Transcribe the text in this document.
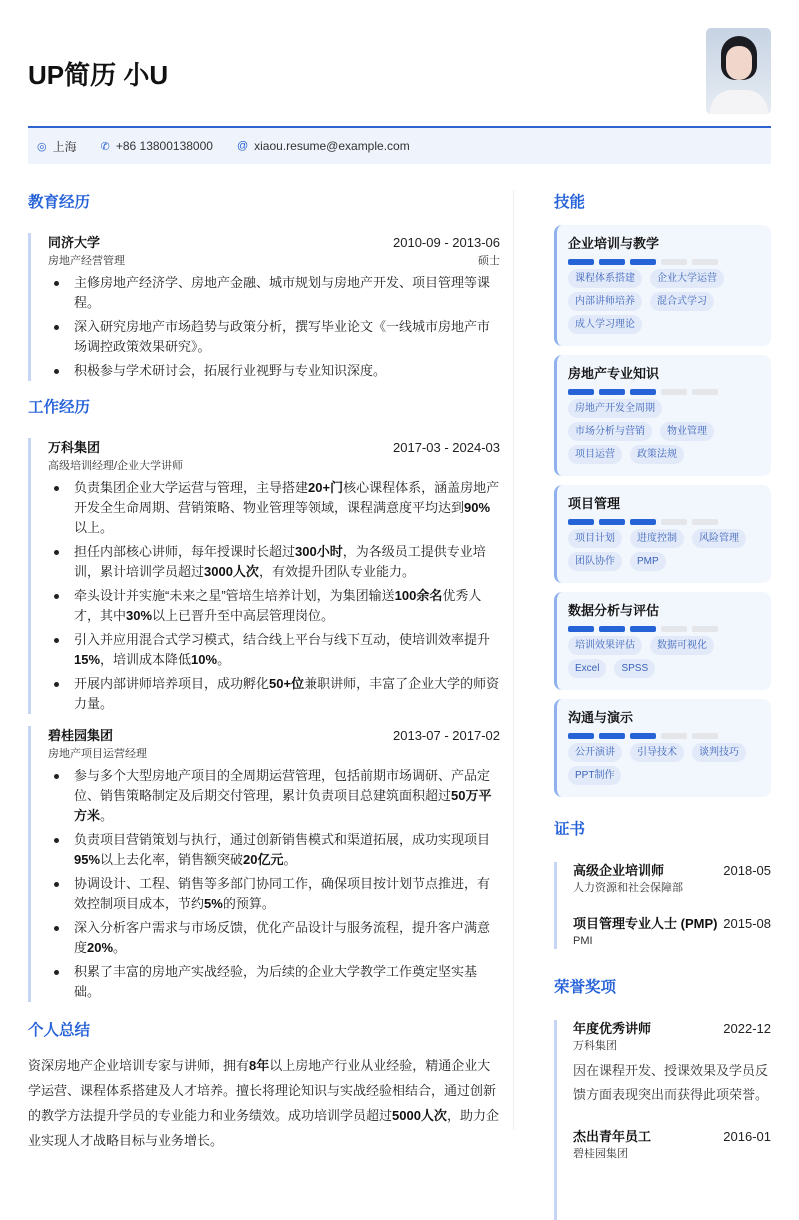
UP简历 小U
◎ 上海 ✆ +86 13800138000 @ xiaou.resume@example.com
教育经历
同济大学	2010-09 - 2013-06
房地产经营管理	硕士
主修房地产经济学、房地产金融、城市规划与房地产开发、项目管理等课程。
深入研究房地产市场趋势与政策分析，撰写毕业论文《一线城市房地产市场调控政策效果研究》。
积极参与学术研讨会，拓展行业视野与专业知识深度。
工作经历
万科集团	2017-03 - 2024-03
高级培训经理/企业大学讲师
负责集团企业大学运营与管理，主导搭建20+门核心课程体系，涵盖房地产开发全生命周期、营销策略、物业管理等领域，课程满意度平均达到90%以上。
担任内部核心讲师，每年授课时长超过300小时，为各级员工提供专业培训，累计培训学员超过3000人次，有效提升团队专业能力。
牵头设计并实施“未来之星”管培生培养计划，为集团输送100余名优秀人才，其中30%以上已晋升至中高层管理岗位。
引入并应用混合式学习模式，结合线上平台与线下互动，使培训效率提升15%，培训成本降低10%。
开展内部讲师培养项目，成功孵化50+位兼职讲师，丰富了企业大学的师资力量。
碧桂园集团	2013-07 - 2017-02
房地产项目运营经理
参与多个大型房地产项目的全周期运营管理，包括前期市场调研、产品定位、销售策略制定及后期交付管理，累计负责项目总建筑面积超过50万平方米。
负责项目营销策划与执行，通过创新销售模式和渠道拓展，成功实现项目95%以上去化率，销售额突破20亿元。
协调设计、工程、销售等多部门协同工作，确保项目按计划节点推进，有效控制项目成本，节约5%的预算。
深入分析客户需求与市场反馈，优化产品设计与服务流程，提升客户满意度20%。
积累了丰富的房地产实战经验，为后续的企业大学教学工作奠定坚实基础。
个人总结
资深房地产企业培训专家与讲师，拥有8年以上房地产行业从业经验，精通企业大学运营、课程体系搭建及人才培养。擅长将理论知识与实战经验相结合，通过创新的教学方法提升学员的专业能力和业务绩效。成功培训学员超过5000人次，助力企业实现人才战略目标与业务增长。
技能
企业培训与教学
课程体系搭建	企业大学运营
内部讲师培养	混合式学习
成人学习理论
房地产专业知识
房地产开发全周期
市场分析与营销	物业管理
项目运营	政策法规
项目管理
项目计划	进度控制	风险管理
团队协作	PMP
数据分析与评估
培训效果评估	数据可视化
Excel	SPSS
沟通与演示
公开演讲	引导技术	谈判技巧
PPT制作
证书
高级企业培训师	2018-05
人力资源和社会保障部
项目管理专业人士 (PMP) 2015-08
PMI
荣誉奖项
年度优秀讲师	2022-12
万科集团
因在课程开发、授课效果及学员反馈方面表现突出而获得此项荣誉。
杰出青年员工	2016-01
碧桂园集团
